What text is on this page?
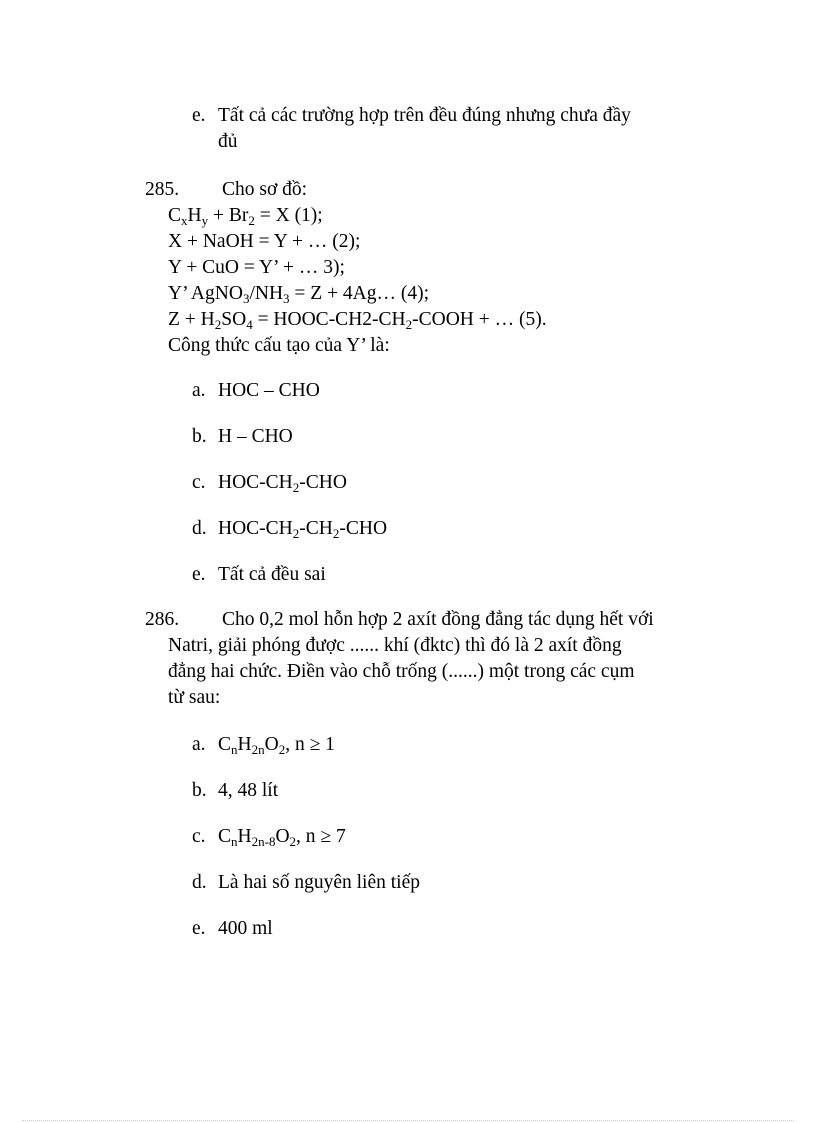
e. Tất cả các trường hợp trên đều đúng nhưng chưa đầy
đủ
285. Cho sơ đồ:
$C_xH_y + Br_2 = X$ (1);
X + NaOH = Y + … (2);
Y + CuO = Y’ + … 3);
Y’ $AgNO_3/NH_3 = Z$ + 4Ag… (4);
$Z + H_2SO_4$ = HOOC-$CH2-CH_2$-COOH + … (5).
Công thức cấu tạo của Y’ là:
a. HOC – CHO
b. H – CHO
c. HOC-$CH_2$-CHO
d. HOC-$CH_2-CH_2$-CHO
e. Tất cả đều sai
286. Cho 0,2 mol hỗn hợp 2 axít đồng đẳng tác dụng hết với
Natri, giải phóng được ...... khí (đktc) thì đó là 2 axít đồng
đẳng hai chức. Điền vào chỗ trống (......) một trong các cụm
từ sau:
a. $C_nH_{2n}O_2$, n ≥ 1
b. 4, 48 lít
c. $C_nH_{2n-8}O_2$, n ≥ 7
d. Là hai số nguyên liên tiếp
e. 400 ml
